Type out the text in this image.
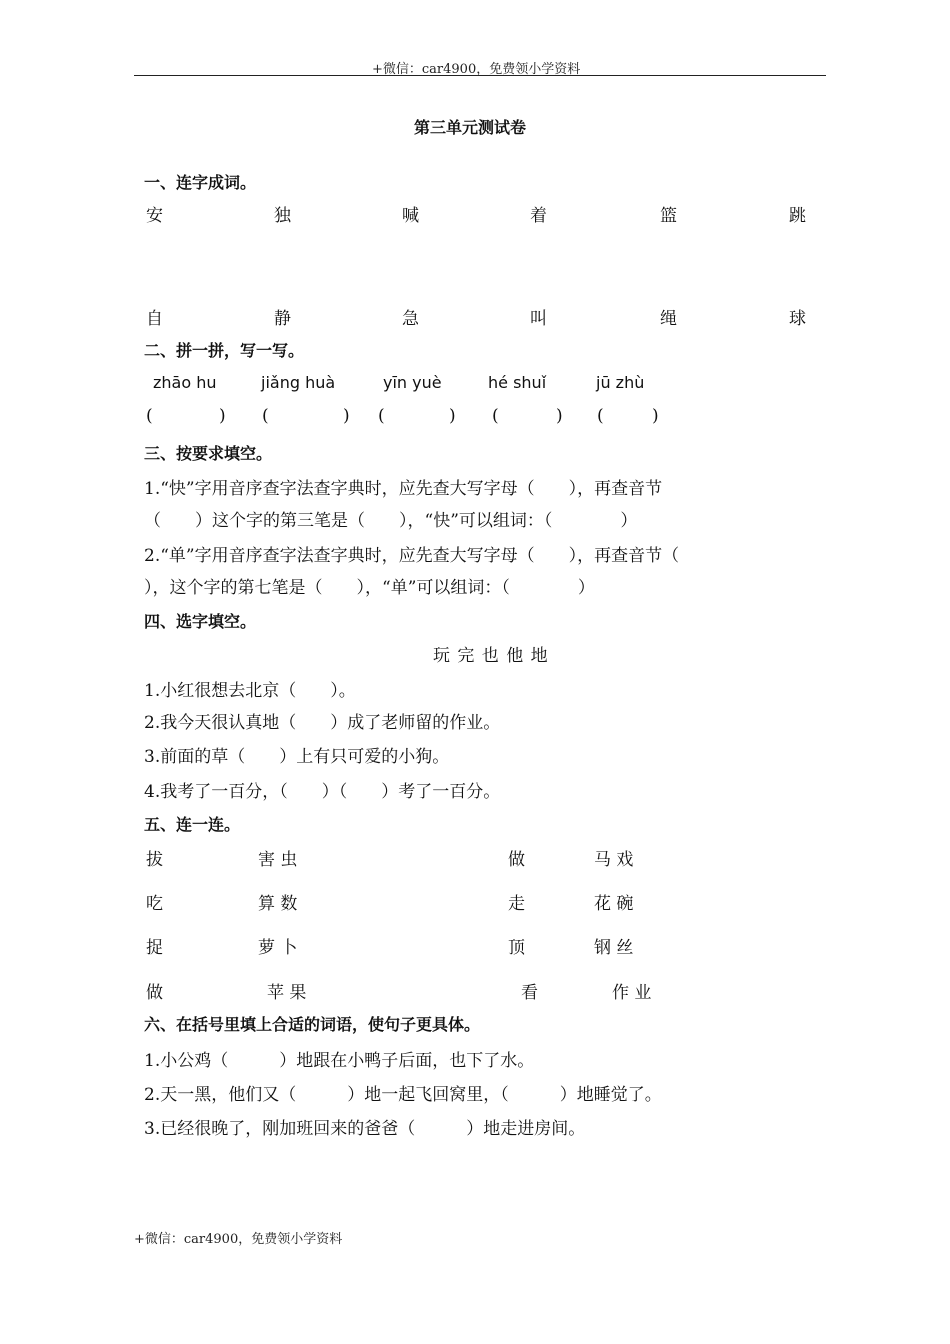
+微信：car4900，免费领小学资料
第三单元测试卷
一、连字成词。
安	独	喊	着	篮	跳
自	静	急	叫	绳	球
二、拼一拼，写一写。
zhāo hu	jiǎng huà	yīn yuè	hé shuǐ	jū zhù
(	) (	) (	) (	) (	)
三、按要求填空。
1.“快”字用音序查字法查字典时，应先查大写字母（　　），再查音节
（　　）这个字的第三笔是（　　），“快”可以组词：（　　　　）
2.“单”字用音序查字法查字典时，应先查大写字母（　　），再查音节（
），这个字的第七笔是（　　），“单”可以组词：（　　　　）
四、选字填空。
玩 完 也 他 地
1.小红很想去北京（　　）。
2.我今天很认真地（　　）成了老师留的作业。
3.前面的草（　　）上有只可爱的小狗。
4.我考了一百分，（　　）（　　）考了一百分。
五、连一连。
拔	害 虫	做	马 戏
吃	算 数	走	花 碗
捉	萝 卜	顶	钢 丝
做	苹 果	看	作 业
六、在括号里填上合适的词语，使句子更具体。
1.小公鸡（　　　）地跟在小鸭子后面，也下了水。
2.天一黑，他们又（　　　）地一起飞回窝里，（　　　）地睡觉了。
3.已经很晚了，刚加班回来的爸爸（　　　）地走进房间。
+微信：car4900，免费领小学资料
